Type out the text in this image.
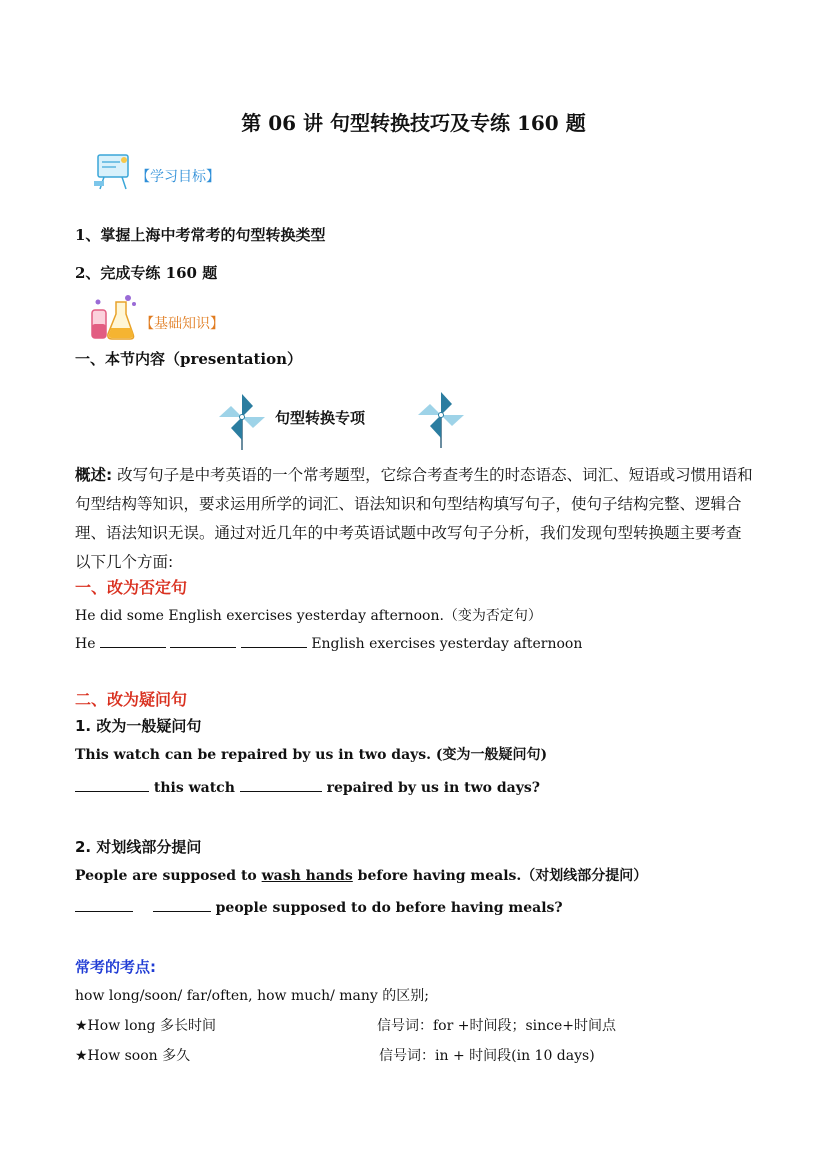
第 06 讲 句型转换技巧及专练 160 题
【学习目标】
1、掌握上海中考常考的句型转换类型
2、完成专练 160 题
【基础知识】
一、本节内容（presentation）
句型转换专项
概述: 改写句子是中考英语的一个常考题型，它综合考查考生的时态语态、词汇、短语或习惯用语和句型结构等知识，要求运用所学的词汇、语法知识和句型结构填写句子，使句子结构完整、逻辑合理、语法知识无误。通过对近几年的中考英语试题中改写句子分析，我们发现句型转换题主要考查以下几个方面:
一、改为否定句
He did some English exercises yesterday afternoon.（变为否定句）
He	English exercises yesterday afternoon
二、改为疑问句
1. 改为一般疑问句
This watch can be repaired by us in two days. (变为一般疑问句)
this watch	repaired by us in two days?
2. 对划线部分提问
People are supposed to wash hands before having meals.（对划线部分提问）
people supposed to do before having meals?
常考的考点:
how long/soon/ far/often, how much/ many 的区别;
★How long 多长时间	信号词：for +时间段；since+时间点
★How soon 多久	信号词：in + 时间段(in 10 days)
